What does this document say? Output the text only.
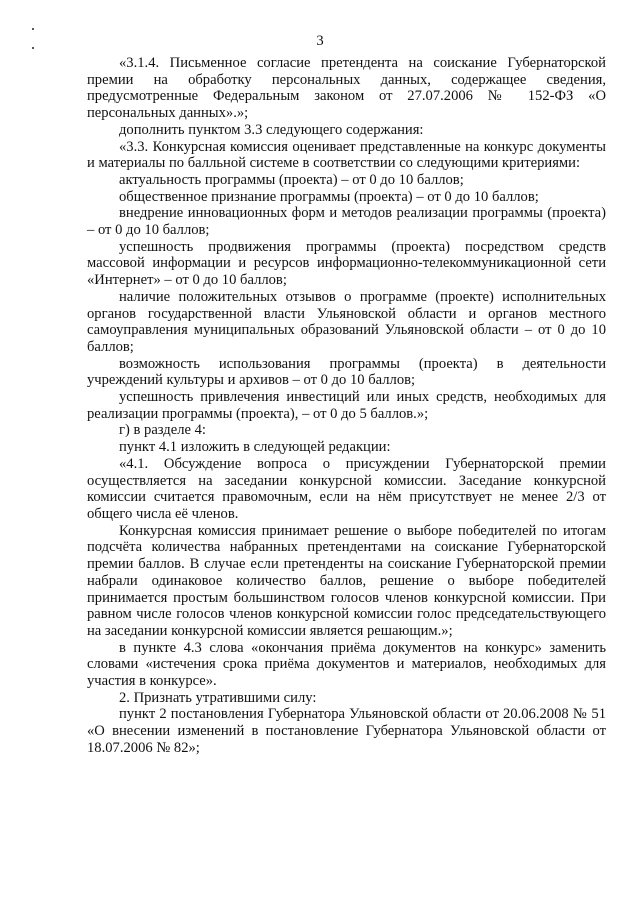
3

«3.1.4. Письменное согласие претендента на соискание Губернаторской премии на обработку персональных данных, содержащее сведения, предусмотренные Федеральным законом от 27.07.2006 № 152-ФЗ «О персональных данных».»;

дополнить пунктом 3.3 следующего содержания:

«3.3. Конкурсная комиссия оценивает представленные на конкурс документы и материалы по балльной системе в соответствии со следующими критериями:

актуальность программы (проекта) – от 0 до 10 баллов;

общественное признание программы (проекта) – от 0 до 10 баллов;

внедрение инновационных форм и методов реализации программы (проекта) – от 0 до 10 баллов;

успешность продвижения программы (проекта) посредством средств массовой информации и ресурсов информационно-телекоммуникационной сети «Интернет» – от 0 до 10 баллов;

наличие положительных отзывов о программе (проекте) исполнительных органов государственной власти Ульяновской области и органов местного самоуправления муниципальных образований Ульяновской области – от 0 до 10 баллов;

возможность использования программы (проекта) в деятельности учреждений культуры и архивов – от 0 до 10 баллов;

успешность привлечения инвестиций или иных средств, необходимых для реализации программы (проекта), – от 0 до 5 баллов.»;

г) в разделе 4:

пункт 4.1 изложить в следующей редакции:

«4.1. Обсуждение вопроса о присуждении Губернаторской премии осуществляется на заседании конкурсной комиссии. Заседание конкурсной комиссии считается правомочным, если на нём присутствует не менее 2/3 от общего числа её членов.

Конкурсная комиссия принимает решение о выборе победителей по итогам подсчёта количества набранных претендентами на соискание Губернаторской премии баллов. В случае если претенденты на соискание Губернаторской премии набрали одинаковое количество баллов, решение о выборе победителей принимается простым большинством голосов членов конкурсной комиссии. При равном числе голосов членов конкурсной комиссии голос председательствующего на заседании конкурсной комиссии является решающим.»;

в пункте 4.3 слова «окончания приёма документов на конкурс» заменить словами «истечения срока приёма документов и материалов, необходимых для участия в конкурсе».

2. Признать утратившими силу:

пункт 2 постановления Губернатора Ульяновской области от 20.06.2008 № 51 «О внесении изменений в постановление Губернатора Ульяновской области от 18.07.2006 № 82»;
